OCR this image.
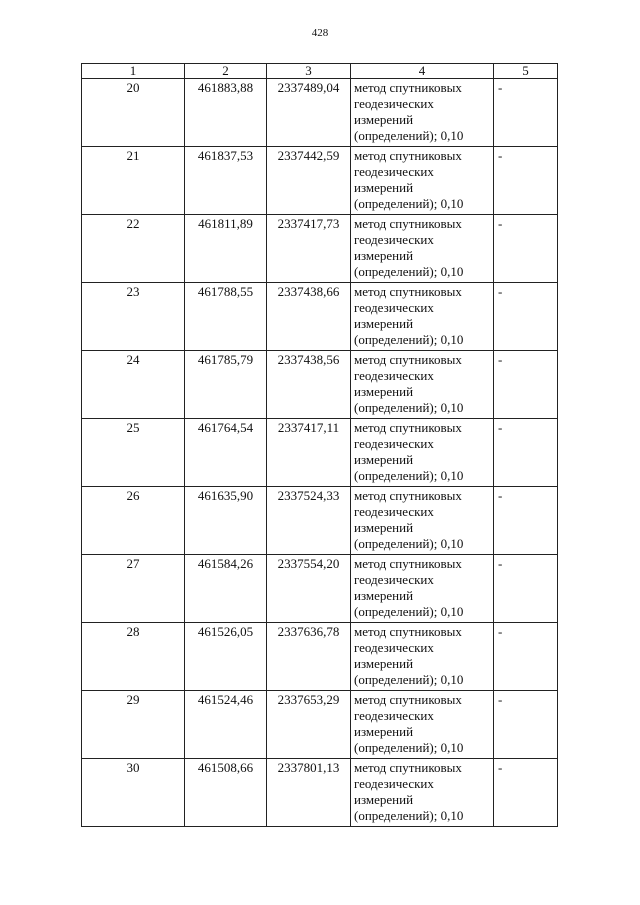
428
1	2	3	4	5
20	461883,88	2337489,04	метод спутниковых
геодезических
измерений
(определений); 0,10	-
21	461837,53	2337442,59	метод спутниковых
геодезических
измерений
(определений); 0,10	-
22	461811,89	2337417,73	метод спутниковых
геодезических
измерений
(определений); 0,10	-
23	461788,55	2337438,66	метод спутниковых
геодезических
измерений
(определений); 0,10	-
24	461785,79	2337438,56	метод спутниковых
геодезических
измерений
(определений); 0,10	-
25	461764,54	2337417,11	метод спутниковых
геодезических
измерений
(определений); 0,10	-
26	461635,90	2337524,33	метод спутниковых
геодезических
измерений
(определений); 0,10	-
27	461584,26	2337554,20	метод спутниковых
геодезических
измерений
(определений); 0,10	-
28	461526,05	2337636,78	метод спутниковых
геодезических
измерений
(определений); 0,10	-
29	461524,46	2337653,29	метод спутниковых
геодезических
измерений
(определений); 0,10	-
30	461508,66	2337801,13	метод спутниковых
геодезических
измерений
(определений); 0,10	-
